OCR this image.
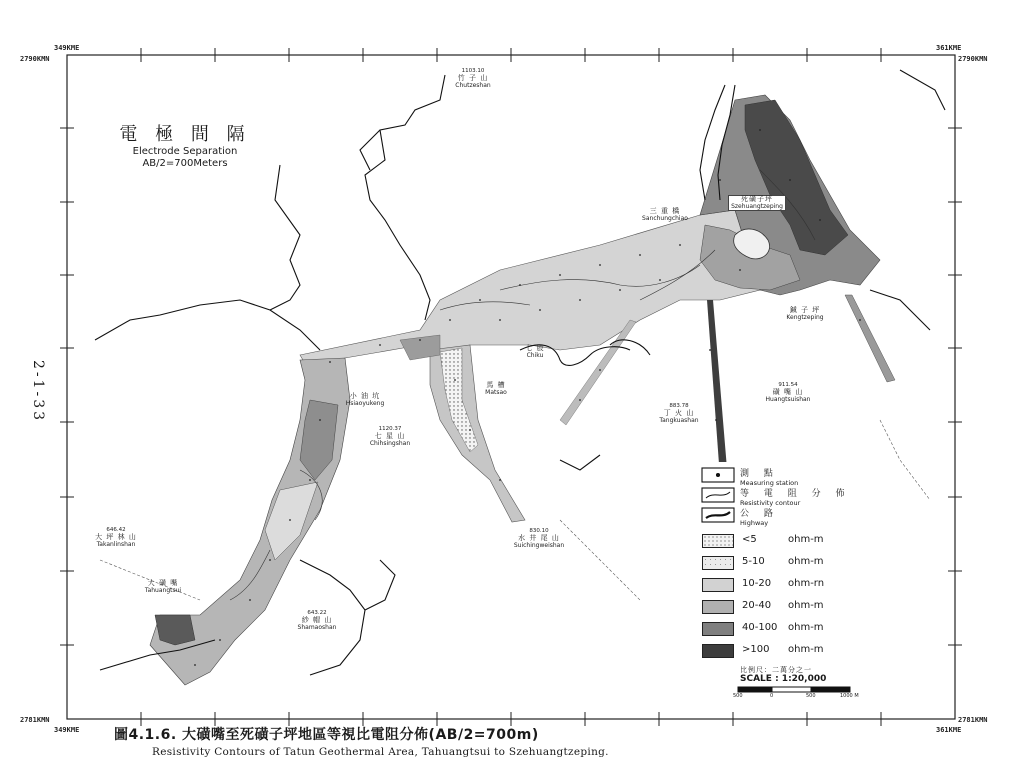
349KME
2790KMN
361KME
2790KMN
2781KMN
349KME
2781KMN
361KME
2-1-33
電 極 間 隔
Electrode Separation
AB/2=700Meters
1103.10
竹 子 山
Chutzeshan
死磺子坪
Szehuangtzeping
三 重 橋
Sanchungchiao
鍼 子 坪
Kengtzeping
七 股
Chiku
馬 槽
Matsao
911.54
磺 嘴 山
Huangtsuishan
883.78
丁 火 山
Tangkuashan
小 油 坑
Hsiaoyukeng
1120.37
七 星 山
Chihsingshan
830.10
水 井 尾 山
Suichingweishan
646.42
大 坪 林 山
Takanlinshan
大 磺 嘴
Tahuangtsui
643.22
紗 帽 山
Shamaoshan
測 點
Measuring station
等 電 阻 分 佈
Resistivity contour
公 路
Highway
<5	ohm-m
5-10 ohm-m
10-20 ohm-rn
20-40 ohm-m
40-100 ohm-m
>100 ohm-m
比例尺：二萬分之一
SCALE : 1:20,000
500	0	500	1000 M
圖4.1.6. 大磺嘴至死磺子坪地區等視比電阻分佈(AB/2=700m)
Resistivity Contours of Tatun Geothermal Area, Tahuangtsui to Szehuangtzeping.
